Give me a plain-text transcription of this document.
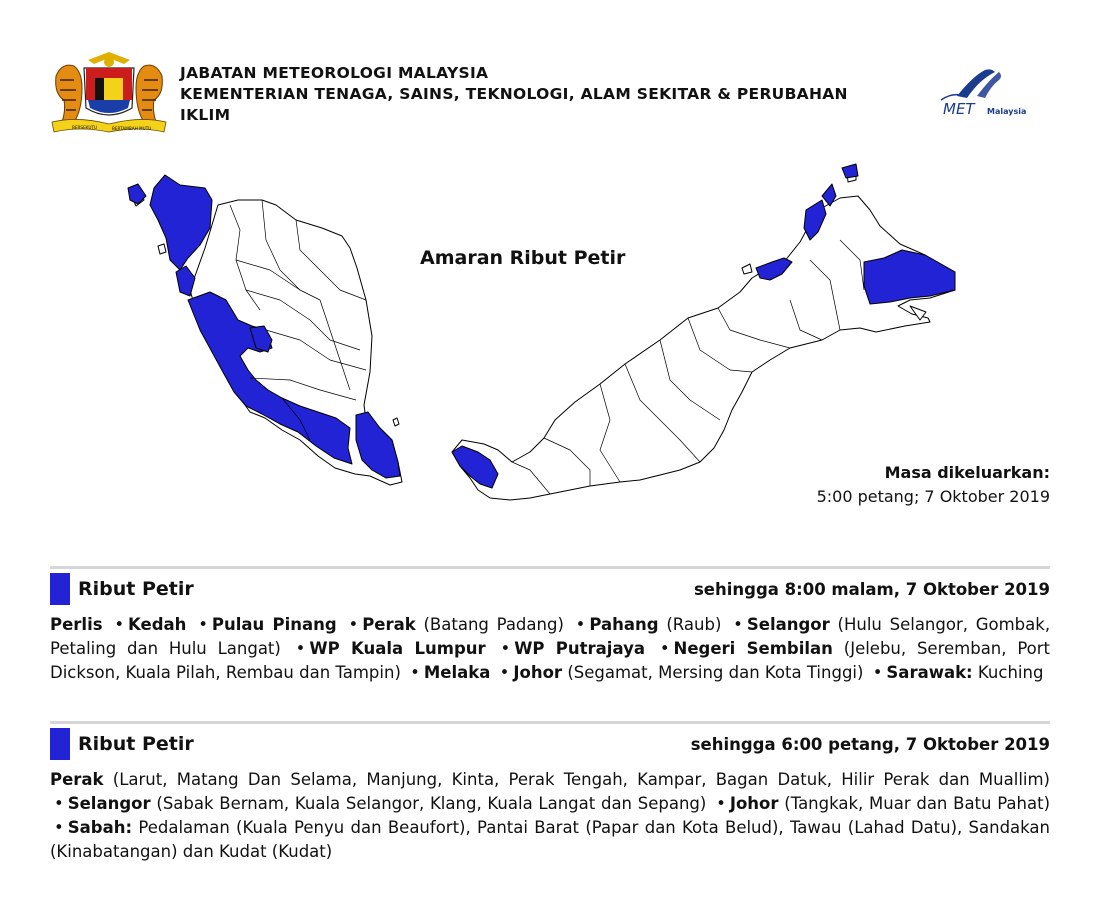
BERSEKUTU	BERTAMBAH MUTU
JABATAN METEOROLOGI MALAYSIA
KEMENTERIAN TENAGA, SAINS, TEKNOLOGI, ALAM SEKITAR & PERUBAHAN
IKLIM	MET Malaysia
Amaran Ribut Petir
Masa dikeluarkan:
5:00 petang; 7 Oktober 2019
Ribut Petir	sehingga 8:00 malam, 7 Oktober 2019
Perlis • Kedah • Pulau Pinang • Perak (Batang Padang) • Pahang (Raub) • Selangor (Hulu Selangor, Gombak, Petaling dan Hulu Langat) • WP Kuala Lumpur • WP Putrajaya • Negeri Sembilan (Jelebu, Seremban, Port Dickson, Kuala Pilah, Rembau dan Tampin) • Melaka • Johor (Segamat, Mersing dan Kota Tinggi) • Sarawak: Kuching
Ribut Petir	sehingga 6:00 petang, 7 Oktober 2019
Perak (Larut, Matang Dan Selama, Manjung, Kinta, Perak Tengah, Kampar, Bagan Datuk, Hilir Perak dan Muallim) • Selangor (Sabak Bernam, Kuala Selangor, Klang, Kuala Langat dan Sepang) • Johor (Tangkak, Muar dan Batu Pahat) • Sabah: Pedalaman (Kuala Penyu dan Beaufort), Pantai Barat (Papar dan Kota Belud), Tawau (Lahad Datu), Sandakan (Kinabatangan) dan Kudat (Kudat)
